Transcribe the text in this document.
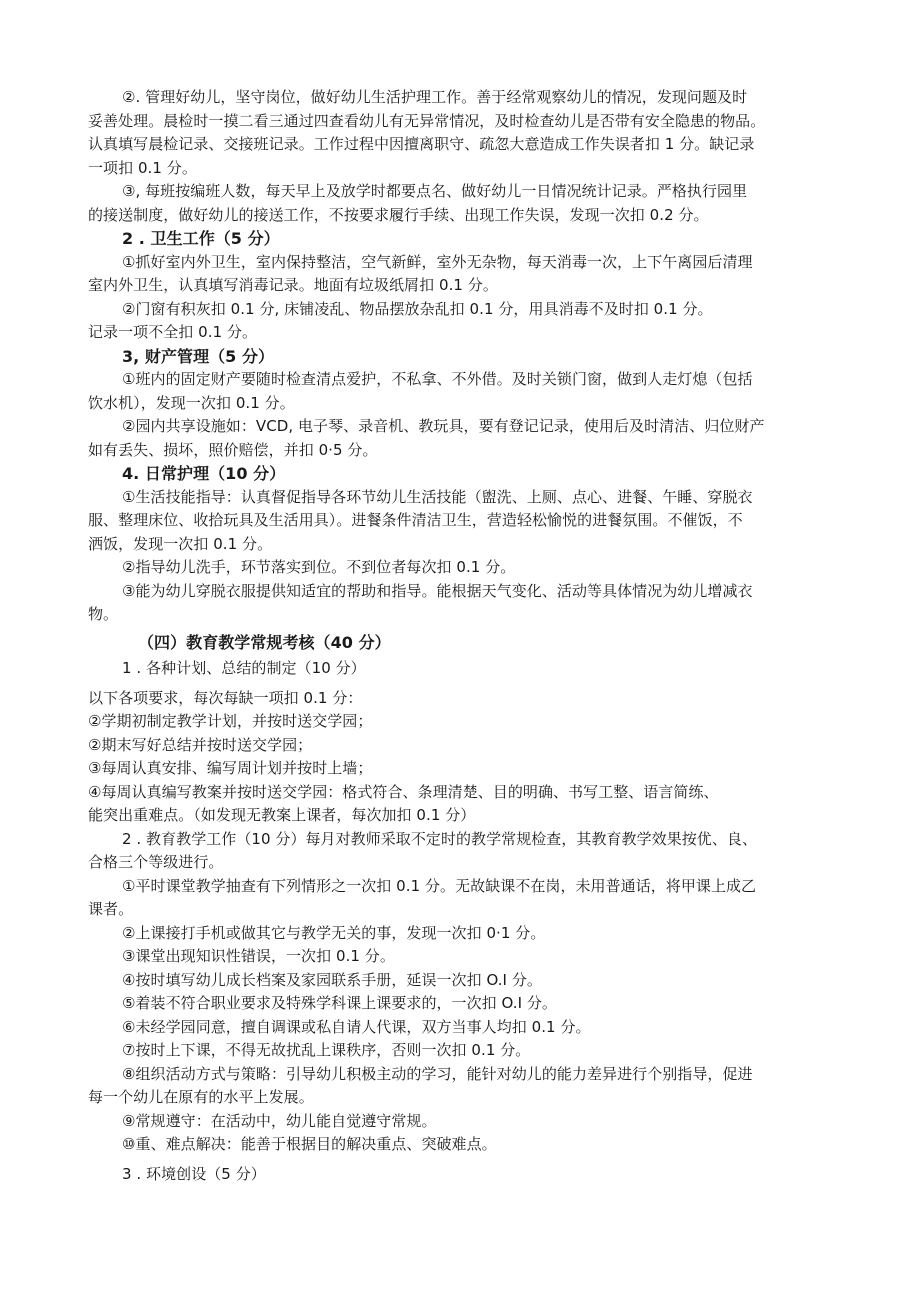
②. 管理好幼儿，坚守岗位，做好幼儿生活护理工作。善于经常观察幼儿的情况，发现问题及时
妥善处理。晨检时一摸二看三通过四查看幼儿有无异常情况，及时检查幼儿是否带有安全隐患的物品。
认真填写晨检记录、交接班记录。工作过程中因擅离职守、疏忽大意造成工作失误者扣 1 分。缺记录
一项扣 0.1 分。
③, 每班按编班人数，每天早上及放学时都要点名、做好幼儿一日情况统计记录。严格执行园里
的接送制度，做好幼儿的接送工作，不按要求履行手续、出现工作失误，发现一次扣 0.2 分。
2 . 卫生工作（5 分）
①抓好室内外卫生，室内保持整洁，空气新鲜，室外无杂物，每天消毒一次，上下午离园后清理
室内外卫生，认真填写消毒记录。地面有垃圾纸屑扣 0.1 分。
②门窗有积灰扣 0.1 分, 床铺凌乱、物品摆放杂乱扣 0.1 分，用具消毒不及时扣 0.1 分。
记录一项不全扣 0.1 分。
3, 财产管理（5 分）
①班内的固定财产要随时检查清点爱护，不私拿、不外借。及时关锁门窗，做到人走灯熄（包括
饮水机），发现一次扣 0.1 分。
②园内共享设施如：VCD, 电子琴、录音机、教玩具，要有登记记录，使用后及时清洁、归位财产
如有丢失、损坏，照价赔偿，并扣 0·5 分。
4. 日常护理（10 分）
①生活技能指导：认真督促指导各环节幼儿生活技能（盥洗、上厕、点心、进餐、午睡、穿脱衣
服、整理床位、收拾玩具及生活用具）。进餐条件清洁卫生，营造轻松愉悦的进餐氛围。不催饭，不
洒饭，发现一次扣 0.1 分。
②指导幼儿洗手，环节落实到位。不到位者每次扣 0.1 分。
③能为幼儿穿脱衣服提供知适宜的帮助和指导。能根据天气变化、活动等具体情况为幼儿增减衣
物。
（四）教育教学常规考核（40 分）
1 . 各种计划、总结的制定（10 分）
以下各项要求，每次每缺一项扣 0.1 分：
②学期初制定教学计划，并按时送交学园；
②期末写好总结并按时送交学园；
③每周认真安排、编写周计划并按时上墙；
④每周认真编写教案并按时送交学园：格式符合、条理清楚、目的明确、书写工整、语言简练、
能突出重难点。（如发现无教案上课者，每次加扣 0.1 分）
2 . 教育教学工作（10 分）每月对教师采取不定时的教学常规检查，其教育教学效果按优、良、
合格三个等级进行。
①平时课堂教学抽查有下列情形之一次扣 0.1 分。无故缺课不在岗，未用普通话，将甲课上成乙
课者。
②上课接打手机或做其它与教学无关的事，发现一次扣 0·1 分。
③课堂出现知识性错误，一次扣 0.1 分。
④按时填写幼儿成长档案及家园联系手册，延误一次扣 O.I 分。
⑤着装不符合职业要求及特殊学科课上课要求的，一次扣 O.I 分。
⑥未经学园同意，擅自调课或私自请人代课，双方当事人均扣 0.1 分。
⑦按时上下课，不得无故扰乱上课秩序，否则一次扣 0.1 分。
⑧组织活动方式与策略：引导幼儿积极主动的学习，能针对幼儿的能力差异进行个别指导，促进
每一个幼儿在原有的水平上发展。
⑨常规遵守：在活动中，幼儿能自觉遵守常规。
⑩重、难点解决：能善于根据目的解决重点、突破难点。
3 . 环境创设（5 分）
